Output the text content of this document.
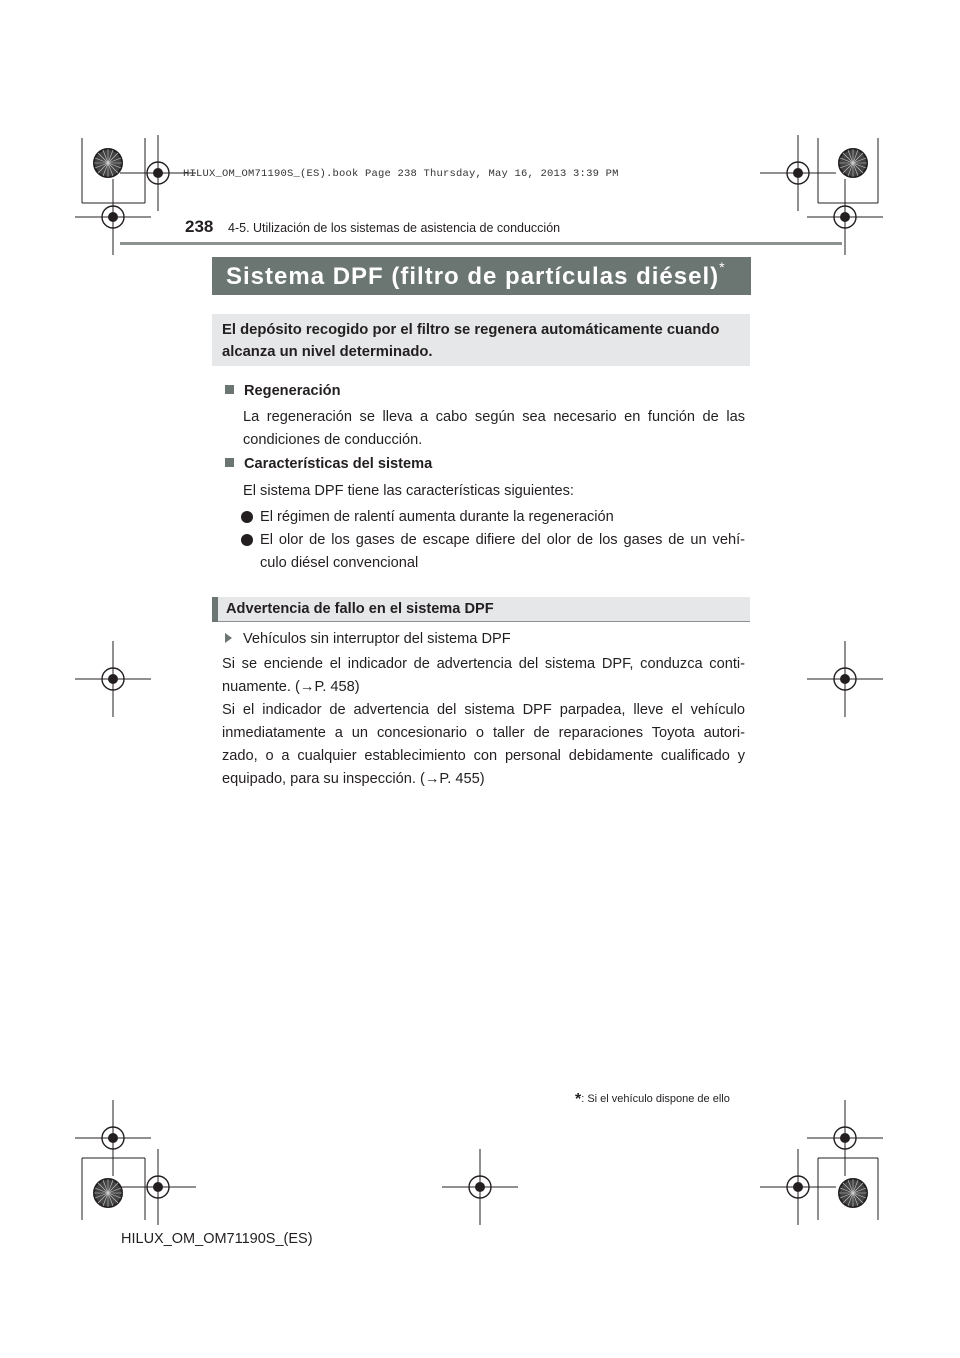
HILUX_OM_OM71190S_(ES).book Page 238 Thursday, May 16, 2013 3:39 PM
238 4-5. Utilización de los sistemas de asistencia de conducción
Sistema DPF (filtro de partículas diésel)*
El depósito recogido por el filtro se regenera automáticamente cuando alcanza un nivel determinado.
Regeneración
La regeneración se lleva a cabo según sea necesario en función de las
condiciones de conducción.
Características del sistema
El sistema DPF tiene las características siguientes:
El régimen de ralentí aumenta durante la regeneración
El olor de los gases de escape difiere del olor de los gases de un vehí-
culo diésel convencional
Advertencia de fallo en el sistema DPF
Vehículos sin interruptor del sistema DPF
Si se enciende el indicador de advertencia del sistema DPF, conduzca conti-
nuamente. (→P. 458)
Si el indicador de advertencia del sistema DPF parpadea, lleve el vehículo
inmediatamente a un concesionario o taller de reparaciones Toyota autori-
zado, o a cualquier establecimiento con personal debidamente cualificado y
equipado, para su inspección. (→P. 455)
*: Si el vehículo dispone de ello
HILUX_OM_OM71190S_(ES)
